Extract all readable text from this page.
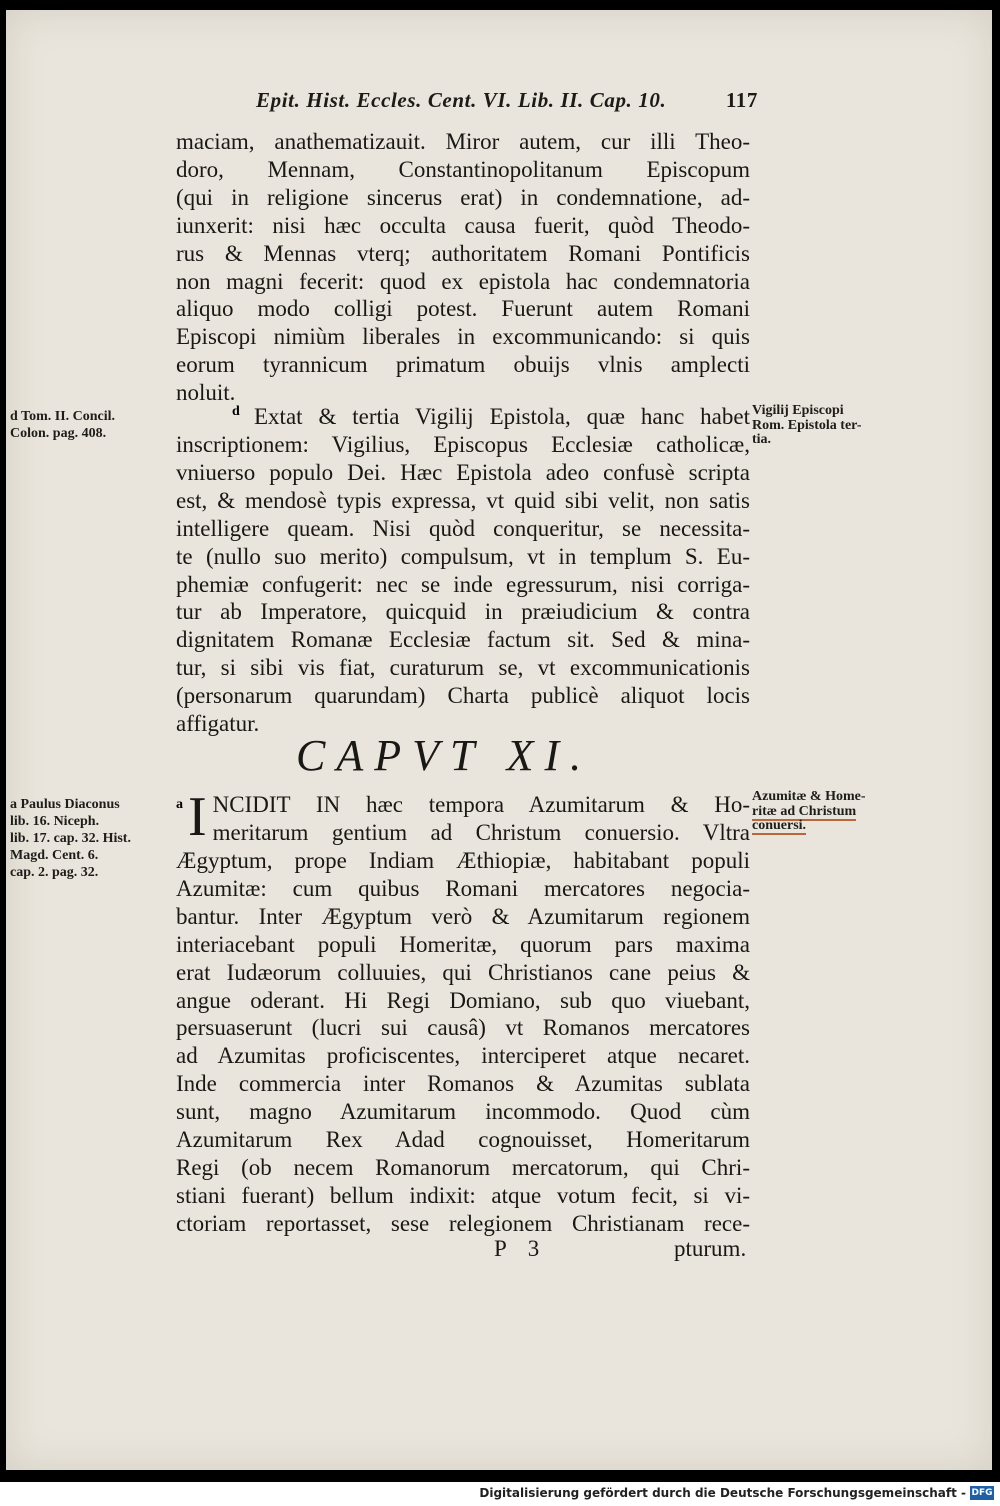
Epit. Hist. Eccles. Cent. VI. Lib. II. Cap. 10.	117
maciam, anathematizauit. Miror autem, cur illi Theo-
doro, Mennam, Constantinopolitanum Episcopum
(qui in religione sincerus erat) in condemnatione, ad-
iunxerit: nisi hæc occulta causa fuerit, quòd Theodo-
rus & Mennas vterq; authoritatem Romani Pontificis
non magni fecerit: quod ex epistola hac condemnatoria
aliquo modo colligi potest. Fuerunt autem Romani
Episcopi nimiùm liberales in excommunicando: si quis
eorum tyrannicum primatum obuijs vlnis amplecti
noluit.
d Extat & tertia Vigilij Epistola, quæ hanc habet
inscriptionem: Vigilius, Episcopus Ecclesiæ catholicæ,
vniuerso populo Dei. Hæc Epistola adeo confusè scripta
est, & mendosè typis expressa, vt quid sibi velit, non satis
intelligere queam. Nisi quòd conqueritur, se necessita-
te (nullo suo merito) compulsum, vt in templum S. Eu-
phemiæ confugerit: nec se inde egressurum, nisi corriga-
tur ab Imperatore, quicquid in præiudicium & contra
dignitatem Romanæ Ecclesiæ factum sit. Sed & mina-
tur, si sibi vis fiat, curaturum se, vt excommunicationis
(personarum quarundam) Charta publicè aliquot locis
affigatur.
CAPVT XI.
a I NCIDIT IN hæc tempora Azumitarum & Ho-
meritarum gentium ad Christum conuersio. Vltra
Ægyptum, prope Indiam Æthiopiæ, habitabant populi
Azumitæ: cum quibus Romani mercatores negocia-
bantur. Inter Ægyptum verò & Azumitarum regionem
interiacebant populi Homeritæ, quorum pars maxima
erat Iudæorum colluuies, qui Christianos cane peius &
angue oderant. Hi Regi Domiano, sub quo viuebant,
persuaserunt (lucri sui causâ) vt Romanos mercatores
ad Azumitas proficiscentes, interciperet atque necaret.
Inde commercia inter Romanos & Azumitas sublata
sunt, magno Azumitarum incommodo. Quod cùm
Azumitarum Rex Adad cognouisset, Homeritarum
Regi (ob necem Romanorum mercatorum, qui Chri-
stiani fuerant) bellum indixit: atque votum fecit, si vi-
ctoriam reportasset, sese relegionem Christianam rece-
P 3	pturum.
d Tom. II. Concil.
Colon. pag. 408.
a Paulus Diaconus
lib. 16. Niceph.
lib. 17. cap. 32. Hist.
Magd. Cent. 6.
cap. 2. pag. 32.
Vigilij Episcopi
Rom. Epistola ter-
tia.
Azumitæ & Home-
ritæ ad Christum
conuersi.
Digitalisierung gefördert durch die Deutsche Forschungsgemeinschaft - DFG
